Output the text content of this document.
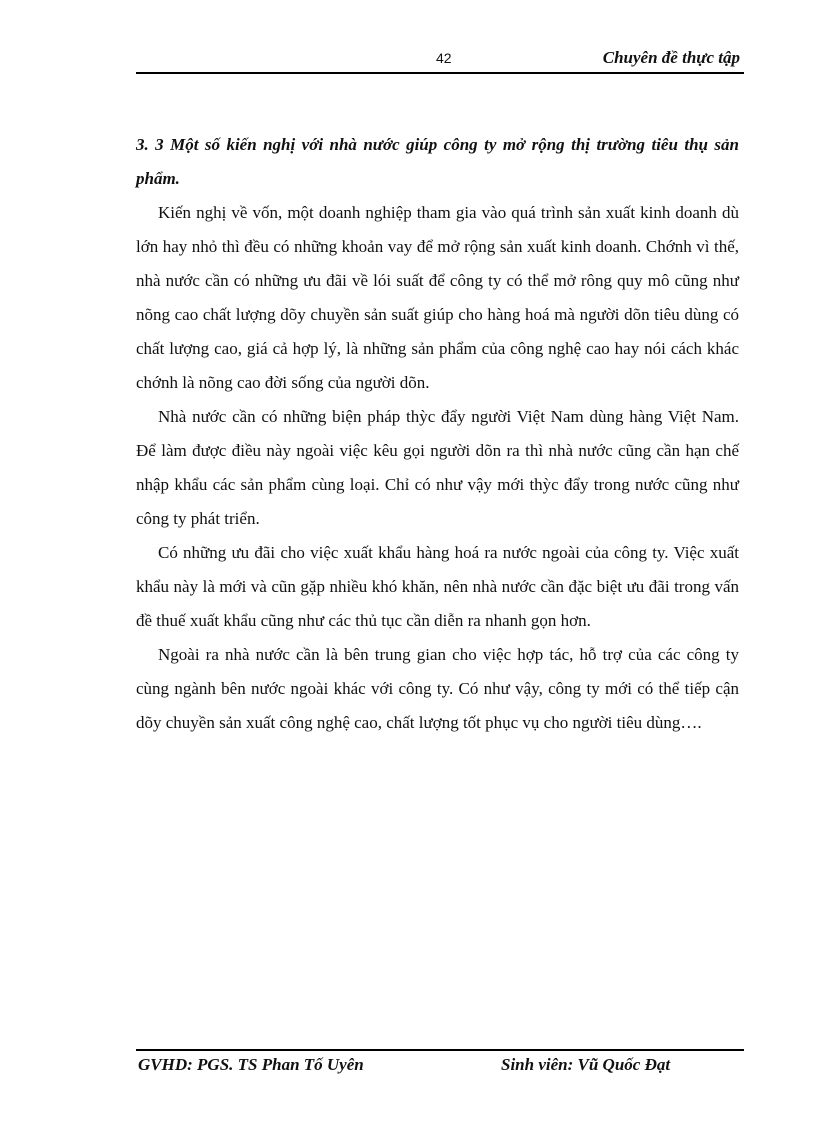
42	Chuyên đề thực tập

3. 3 Một số kiến nghị với nhà nước giúp công ty mở rộng thị trường tiêu thụ sản phẩm.

Kiến nghị về vốn, một doanh nghiệp tham gia vào quá trình sản xuất kinh doanh dù lớn hay nhỏ thì đều có những khoản vay để mở rộng sản xuất kinh doanh. Chớnh vì thế, nhà nước cần có những ưu đãi về lói suất để công ty có thể mở rông quy mô cũng như nõng cao chất lượng dõy chuyền sản suất giúp cho hàng hoá mà người dõn tiêu dùng có chất lượng cao, giá cả hợp lý, là những sản phẩm của công nghệ cao hay nói cách khác chớnh là nõng cao đời sống của người dõn.

Nhà nước cần có những biện pháp thỳc đẩy người Việt Nam dùng hàng Việt Nam. Để làm được điều này ngoài việc kêu gọi người dõn ra thì nhà nước cũng cần hạn chế nhập khẩu các sản phẩm cùng loại. Chỉ có như vậy mới thỳc đẩy trong nước cũng như công ty phát triển.

Có những ưu đãi cho việc xuất khẩu hàng hoá ra nước ngoài của công ty. Việc xuất khẩu này là mới và cũn gặp nhiều khó khăn, nên nhà nước cần đặc biệt ưu đãi trong vấn đề thuế xuất khẩu cũng như các thủ tục cần diễn ra nhanh gọn hơn.

Ngoài ra nhà nước cần là bên trung gian cho việc hợp tác, hỗ trợ của các công ty cùng ngành bên nước ngoài khác với công ty. Có như vậy, công ty mới có thể tiếp cận dõy chuyền sản xuất công nghệ cao, chất lượng tốt phục vụ cho người tiêu dùng….

GVHD: PGS. TS Phan Tố Uyên	Sinh viên: Vũ Quốc Đạt
